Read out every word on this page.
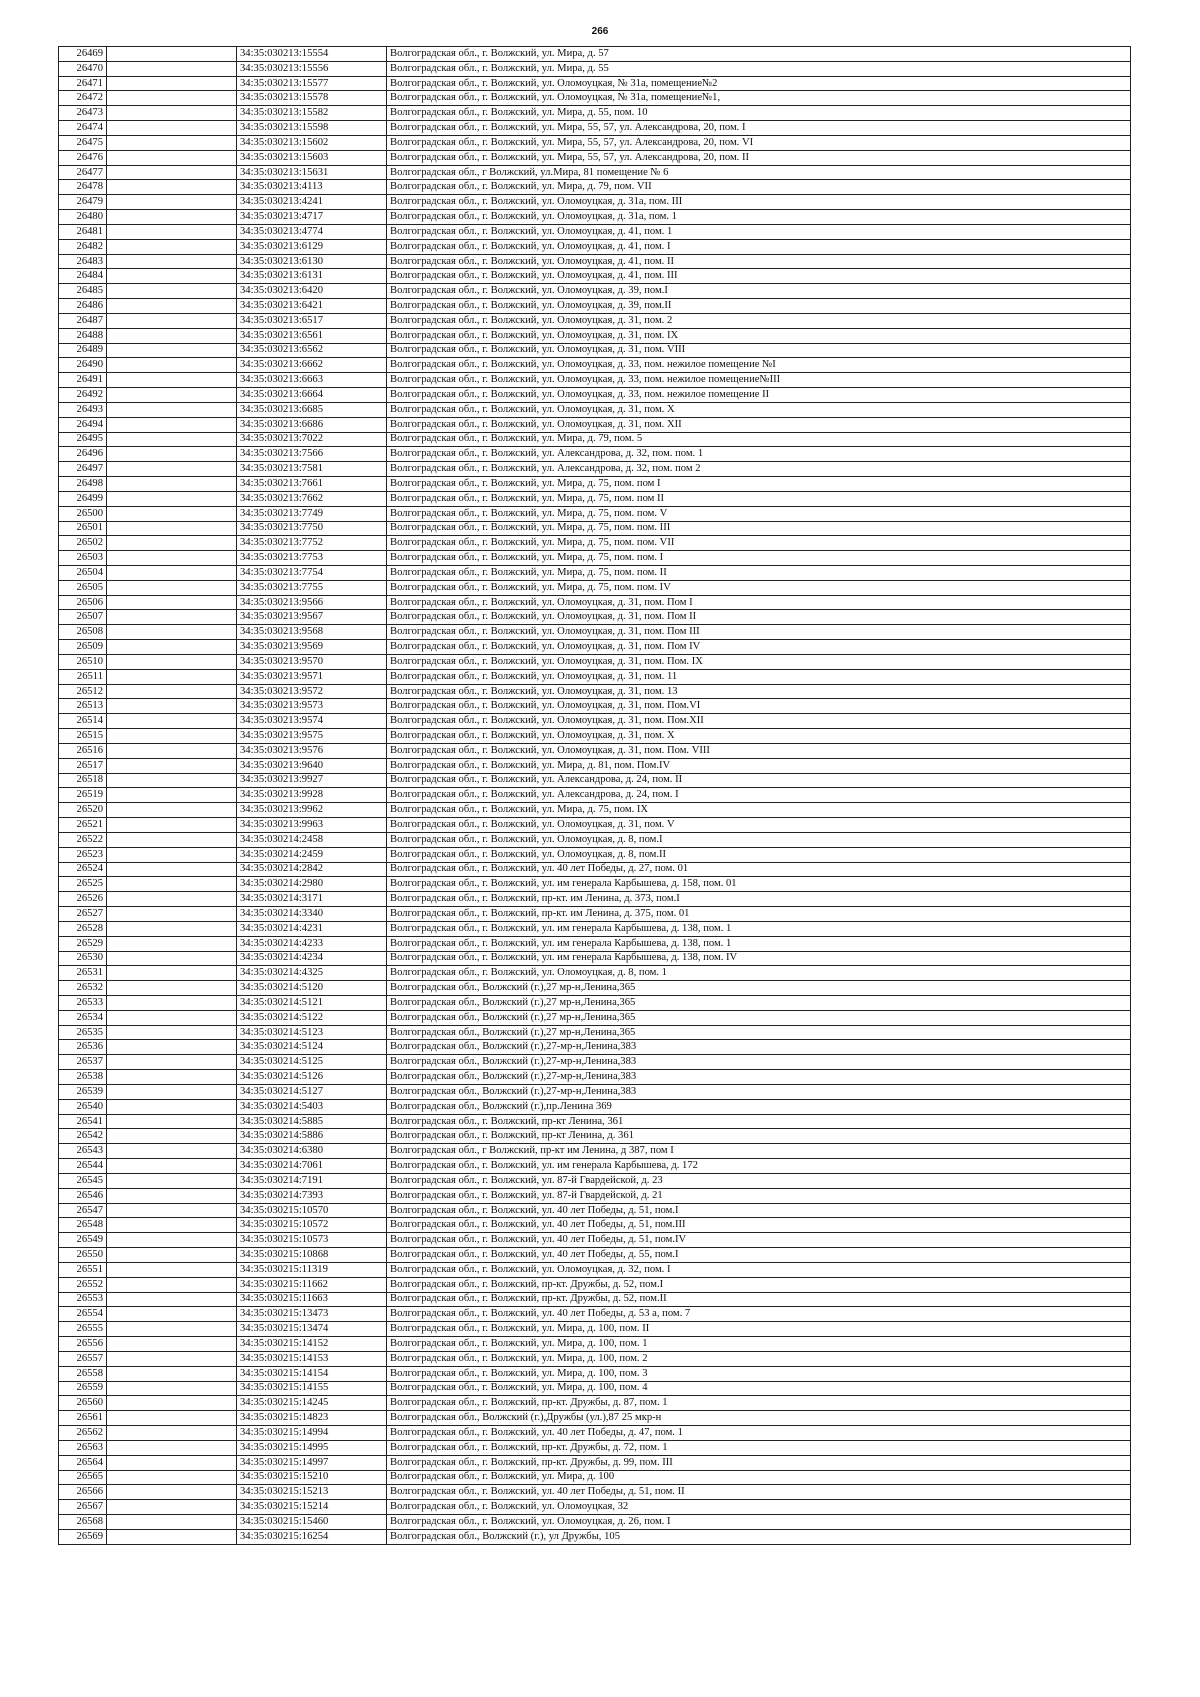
266
26469		34:35:030213:15554	Волгоградская обл., г. Волжский, ул. Мира, д. 57
26470		34:35:030213:15556	Волгоградская обл., г. Волжский, ул. Мира, д. 55
26471		34:35:030213:15577	Волгоградская обл., г. Волжский, ул. Оломоуцкая, № 31а, помещение№2
26472		34:35:030213:15578	Волгоградская обл., г. Волжский, ул. Оломоуцкая, № 31а, помещение№1,
26473		34:35:030213:15582	Волгоградская обл., г. Волжский, ул. Мира, д. 55, пом. 10
26474		34:35:030213:15598	Волгоградская обл., г. Волжский, ул. Мира, 55, 57, ул. Александрова, 20, пом. I
26475		34:35:030213:15602	Волгоградская обл., г. Волжский, ул. Мира, 55, 57, ул. Александрова, 20, пом. VI
26476		34:35:030213:15603	Волгоградская обл., г. Волжский, ул. Мира, 55, 57, ул. Александрова, 20, пом. II
26477		34:35:030213:15631	Волгоградская обл., г Волжский, ул.Мира, 81 помещение № 6
26478		34:35:030213:4113	Волгоградская обл., г. Волжский, ул. Мира, д. 79, пом. VII
26479		34:35:030213:4241	Волгоградская обл., г. Волжский, ул. Оломоуцкая, д. 31а, пом. III
26480		34:35:030213:4717	Волгоградская обл., г. Волжский, ул. Оломоуцкая, д. 31а, пом. 1
26481		34:35:030213:4774	Волгоградская обл., г. Волжский, ул. Оломоуцкая, д. 41, пом. 1
26482		34:35:030213:6129	Волгоградская обл., г. Волжский, ул. Оломоуцкая, д. 41, пом. I
26483		34:35:030213:6130	Волгоградская обл., г. Волжский, ул. Оломоуцкая, д. 41, пом. II
26484		34:35:030213:6131	Волгоградская обл., г. Волжский, ул. Оломоуцкая, д. 41, пом. III
26485		34:35:030213:6420	Волгоградская обл., г. Волжский, ул. Оломоуцкая, д. 39, пом.I
26486		34:35:030213:6421	Волгоградская обл., г. Волжский, ул. Оломоуцкая, д. 39, пом.II
26487		34:35:030213:6517	Волгоградская обл., г. Волжский, ул. Оломоуцкая, д. 31, пом. 2
26488		34:35:030213:6561	Волгоградская обл., г. Волжский, ул. Оломоуцкая, д. 31, пом. IX
26489		34:35:030213:6562	Волгоградская обл., г. Волжский, ул. Оломоуцкая, д. 31, пом. VIII
26490		34:35:030213:6662	Волгоградская обл., г. Волжский, ул. Оломоуцкая, д. 33, пом. нежилое помещение №I
26491		34:35:030213:6663	Волгоградская обл., г. Волжский, ул. Оломоуцкая, д. 33, пом. нежилое помещение№III
26492		34:35:030213:6664	Волгоградская обл., г. Волжский, ул. Оломоуцкая, д. 33, пом. нежилое помещение II
26493		34:35:030213:6685	Волгоградская обл., г. Волжский, ул. Оломоуцкая, д. 31, пом. X
26494		34:35:030213:6686	Волгоградская обл., г. Волжский, ул. Оломоуцкая, д. 31, пом. XII
26495		34:35:030213:7022	Волгоградская обл., г. Волжский, ул. Мира, д. 79, пом. 5
26496		34:35:030213:7566	Волгоградская обл., г. Волжский, ул. Александрова, д. 32, пом. пом. 1
26497		34:35:030213:7581	Волгоградская обл., г. Волжский, ул. Александрова, д. 32, пом. пом 2
26498		34:35:030213:7661	Волгоградская обл., г. Волжский, ул. Мира, д. 75, пом. пом I
26499		34:35:030213:7662	Волгоградская обл., г. Волжский, ул. Мира, д. 75, пом. пом II
26500		34:35:030213:7749	Волгоградская обл., г. Волжский, ул. Мира, д. 75, пом. пом. V
26501		34:35:030213:7750	Волгоградская обл., г. Волжский, ул. Мира, д. 75, пом. пом. III
26502		34:35:030213:7752	Волгоградская обл., г. Волжский, ул. Мира, д. 75, пом. пом. VII
26503		34:35:030213:7753	Волгоградская обл., г. Волжский, ул. Мира, д. 75, пом. пом. I
26504		34:35:030213:7754	Волгоградская обл., г. Волжский, ул. Мира, д. 75, пом. пом. II
26505		34:35:030213:7755	Волгоградская обл., г. Волжский, ул. Мира, д. 75, пом. пом. IV
26506		34:35:030213:9566	Волгоградская обл., г. Волжский, ул. Оломоуцкая, д. 31, пом. Пом I
26507		34:35:030213:9567	Волгоградская обл., г. Волжский, ул. Оломоуцкая, д. 31, пом. Пом II
26508		34:35:030213:9568	Волгоградская обл., г. Волжский, ул. Оломоуцкая, д. 31, пом. Пом III
26509		34:35:030213:9569	Волгоградская обл., г. Волжский, ул. Оломоуцкая, д. 31, пом. Пом IV
26510		34:35:030213:9570	Волгоградская обл., г. Волжский, ул. Оломоуцкая, д. 31, пом. Пом. IX
26511		34:35:030213:9571	Волгоградская обл., г. Волжский, ул. Оломоуцкая, д. 31, пом. 11
26512		34:35:030213:9572	Волгоградская обл., г. Волжский, ул. Оломоуцкая, д. 31, пом. 13
26513		34:35:030213:9573	Волгоградская обл., г. Волжский, ул. Оломоуцкая, д. 31, пом. Пом.VI
26514		34:35:030213:9574	Волгоградская обл., г. Волжский, ул. Оломоуцкая, д. 31, пом. Пом.XII
26515		34:35:030213:9575	Волгоградская обл., г. Волжский, ул. Оломоуцкая, д. 31, пом. X
26516		34:35:030213:9576	Волгоградская обл., г. Волжский, ул. Оломоуцкая, д. 31, пом. Пом. VIII
26517		34:35:030213:9640	Волгоградская обл., г. Волжский, ул. Мира, д. 81, пом. Пом.IV
26518		34:35:030213:9927	Волгоградская обл., г. Волжский, ул. Александрова, д. 24, пом. II
26519		34:35:030213:9928	Волгоградская обл., г. Волжский, ул. Александрова, д. 24, пом. I
26520		34:35:030213:9962	Волгоградская обл., г. Волжский, ул. Мира, д. 75, пом. IX
26521		34:35:030213:9963	Волгоградская обл., г. Волжский, ул. Оломоуцкая, д. 31, пом. V
26522		34:35:030214:2458	Волгоградская обл., г. Волжский, ул. Оломоуцкая, д. 8, пом.I
26523		34:35:030214:2459	Волгоградская обл., г. Волжский, ул. Оломоуцкая, д. 8, пом.II
26524		34:35:030214:2842	Волгоградская обл., г. Волжский, ул. 40 лет Победы, д. 27, пом. 01
26525		34:35:030214:2980	Волгоградская обл., г. Волжский, ул. им генерала Карбышева, д. 158, пом. 01
26526		34:35:030214:3171	Волгоградская обл., г. Волжский, пр-кт. им Ленина, д. 373, пом.I
26527		34:35:030214:3340	Волгоградская обл., г. Волжский, пр-кт. им Ленина, д. 375, пом. 01
26528		34:35:030214:4231	Волгоградская обл., г. Волжский, ул. им генерала Карбышева, д. 138, пом. 1
26529		34:35:030214:4233	Волгоградская обл., г. Волжский, ул. им генерала Карбышева, д. 138, пом. 1
26530		34:35:030214:4234	Волгоградская обл., г. Волжский, ул. им генерала Карбышева, д. 138, пом. IV
26531		34:35:030214:4325	Волгоградская обл., г. Волжский, ул. Оломоуцкая, д. 8, пом. 1
26532		34:35:030214:5120	Волгоградская обл., Волжский (г.),27 мр-н,Ленина,365
26533		34:35:030214:5121	Волгоградская обл., Волжский (г.),27 мр-н,Ленина,365
26534		34:35:030214:5122	Волгоградская обл., Волжский (г.),27 мр-н,Ленина,365
26535		34:35:030214:5123	Волгоградская обл., Волжский (г.),27 мр-н,Ленина,365
26536		34:35:030214:5124	Волгоградская обл., Волжский (г.),27-мр-н,Ленина,383
26537		34:35:030214:5125	Волгоградская обл., Волжский (г.),27-мр-н,Ленина,383
26538		34:35:030214:5126	Волгоградская обл., Волжский (г.),27-мр-н,Ленина,383
26539		34:35:030214:5127	Волгоградская обл., Волжский (г.),27-мр-н,Ленина,383
26540		34:35:030214:5403	Волгоградская обл., Волжский (г.),пр.Ленина 369
26541		34:35:030214:5885	Волгоградская обл., г. Волжский, пр-кт Ленина, 361
26542		34:35:030214:5886	Волгоградская обл., г. Волжский, пр-кт Ленина, д. 361
26543		34:35:030214:6380	Волгоградская обл., г Волжский, пр-кт им Ленина, д 387, пом I
26544		34:35:030214:7061	Волгоградская обл., г. Волжский, ул. им генерала Карбышева, д. 172
26545		34:35:030214:7191	Волгоградская обл., г. Волжский, ул. 87-й Гвардейской, д. 23
26546		34:35:030214:7393	Волгоградская обл., г. Волжский, ул. 87-й Гвардейской, д. 21
26547		34:35:030215:10570	Волгоградская обл., г. Волжский, ул. 40 лет Победы, д. 51, пом.I
26548		34:35:030215:10572	Волгоградская обл., г. Волжский, ул. 40 лет Победы, д. 51, пом.III
26549		34:35:030215:10573	Волгоградская обл., г. Волжский, ул. 40 лет Победы, д. 51, пом.IV
26550		34:35:030215:10868	Волгоградская обл., г. Волжский, ул. 40 лет Победы, д. 55, пом.I
26551		34:35:030215:11319	Волгоградская обл., г. Волжский, ул. Оломоуцкая, д. 32, пом. I
26552		34:35:030215:11662	Волгоградская обл., г. Волжский, пр-кт. Дружбы, д. 52, пом.I
26553		34:35:030215:11663	Волгоградская обл., г. Волжский, пр-кт. Дружбы, д. 52, пом.II
26554		34:35:030215:13473	Волгоградская обл., г. Волжский, ул. 40 лет Победы, д. 53 а, пом. 7
26555		34:35:030215:13474	Волгоградская обл., г. Волжский, ул. Мира, д. 100, пом. II
26556		34:35:030215:14152	Волгоградская обл., г. Волжский, ул. Мира, д. 100, пом. 1
26557		34:35:030215:14153	Волгоградская обл., г. Волжский, ул. Мира, д. 100, пом. 2
26558		34:35:030215:14154	Волгоградская обл., г. Волжский, ул. Мира, д. 100, пом. 3
26559		34:35:030215:14155	Волгоградская обл., г. Волжский, ул. Мира, д. 100, пом. 4
26560		34:35:030215:14245	Волгоградская обл., г. Волжский, пр-кт. Дружбы, д. 87, пом. 1
26561		34:35:030215:14823	Волгоградская обл., Волжский (г.),Дружбы (ул.),87 25 мкр-н
26562		34:35:030215:14994	Волгоградская обл., г. Волжский, ул. 40 лет Победы, д. 47, пом. 1
26563		34:35:030215:14995	Волгоградская обл., г. Волжский, пр-кт. Дружбы, д. 72, пом. 1
26564		34:35:030215:14997	Волгоградская обл., г. Волжский, пр-кт. Дружбы, д. 99, пом. III
26565		34:35:030215:15210	Волгоградская обл., г. Волжский, ул. Мира, д. 100
26566		34:35:030215:15213	Волгоградская обл., г. Волжский, ул. 40 лет Победы, д. 51, пом. II
26567		34:35:030215:15214	Волгоградская обл., г. Волжский, ул. Оломоуцкая, 32
26568		34:35:030215:15460	Волгоградская обл., г. Волжский, ул. Оломоуцкая, д. 26, пом. I
26569		34:35:030215:16254	Волгоградская обл., Волжский (г.), ул Дружбы, 105
